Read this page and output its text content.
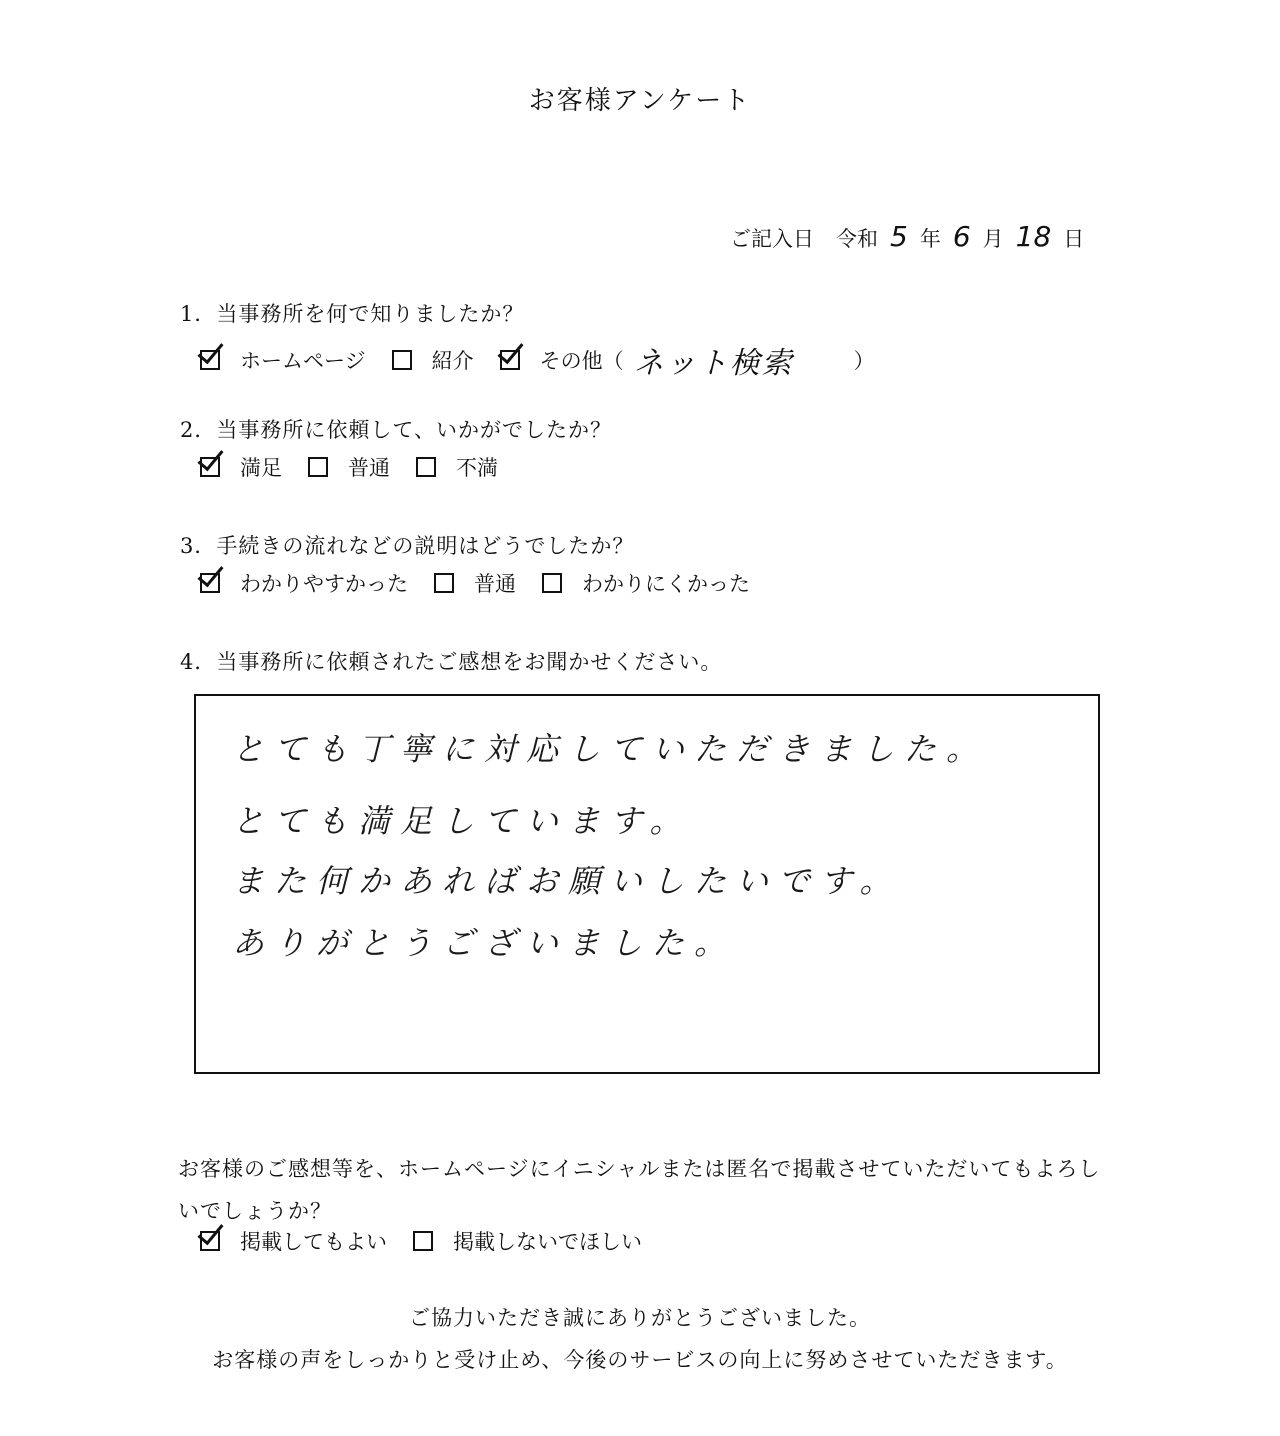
お客様アンケート
ご記入日 令和 5 年 6 月 18 日
1．当事務所を何で知りましたか？
ホームページ	紹介	その他（ ネット検索	）
2．当事務所に依頼して、いかがでしたか？
満足	普通	不満
3．手続きの流れなどの説明はどうでしたか？
わかりやすかった	普通	わかりにくかった
4．当事務所に依頼されたご感想をお聞かせください。
とても丁寧に対応していただきました。
とても満足しています。
また何かあればお願いしたいです。
ありがとうございました。
お客様のご感想等を、ホームページにイニシャルまたは匿名で掲載させていただいてもよろしいでしょうか？
掲載してもよい	掲載しないでほしい
ご協力いただき誠にありがとうございました。
お客様の声をしっかりと受け止め、今後のサービスの向上に努めさせていただきます。
